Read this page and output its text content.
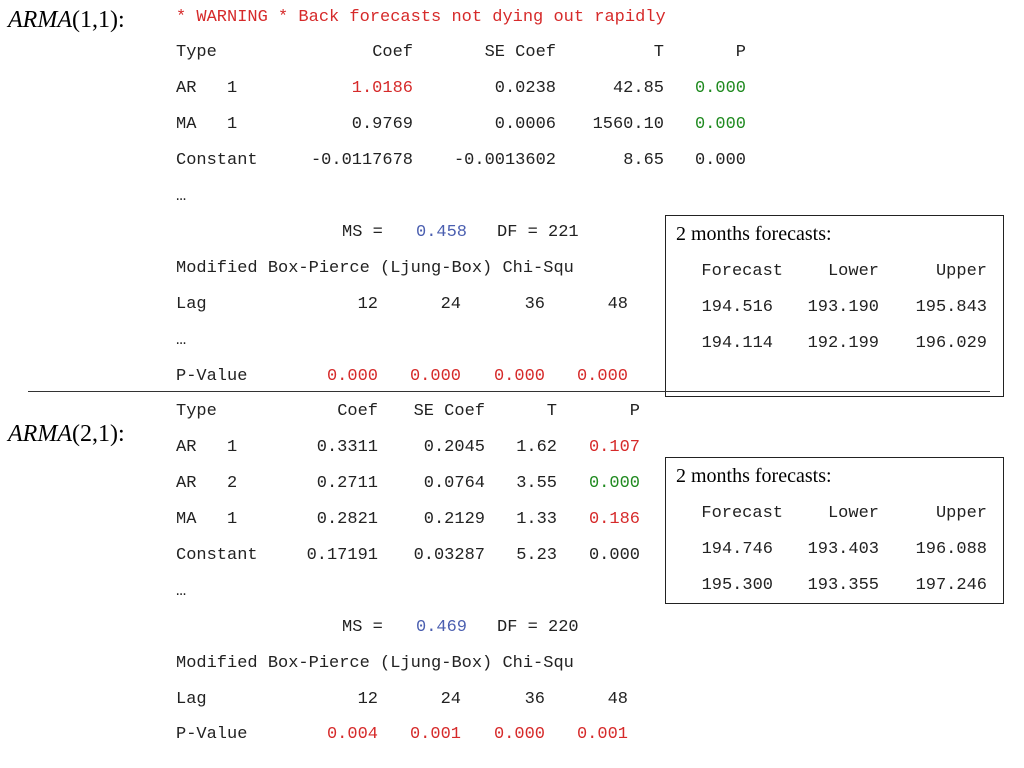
ARMA(1,1):	* WARNING * Back forecasts not dying out rapidly
Type	Coef	SE Coef	T	P
AR   1	1.0186	0.0238	42.85 0.000
MA   1	0.9769	0.0006 1560.10 0.000
Constant	-0.0117678 -0.0013602	8.65 0.000
…
MS = 0.458 DF = 221
Modified Box-Pierce (Ljung-Box) Chi-Squ
Lag	12	24	36	48
…
P-Value	0.000 0.000 0.000 0.000
2 months forecasts:
Forecast	Lower	Upper
194.516 193.190 195.843
194.114 192.199 196.029
ARMA(2,1):
Type	Coef SE Coef	T	P
AR   1	0.3311	0.2045 1.62 0.107
AR   2	0.2711	0.0764 3.55 0.000
MA   1	0.2821	0.2129 1.33 0.186
Constant	0.17191 0.03287 5.23 0.000
…
MS = 0.469 DF = 220
Modified Box-Pierce (Ljung-Box) Chi-Squ
Lag	12	24	36	48
P-Value	0.004 0.001 0.000 0.001
2 months forecasts:
Forecast	Lower	Upper
194.746 193.403 196.088
195.300 193.355 197.246
